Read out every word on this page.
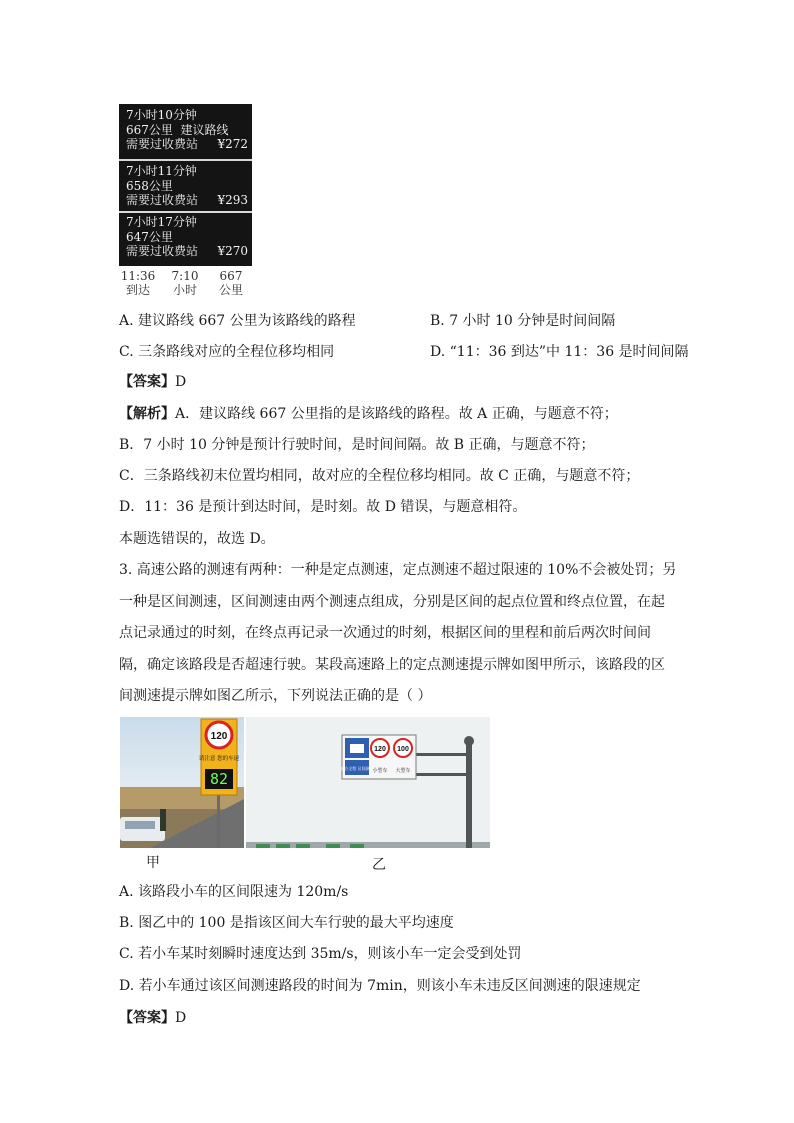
7小时10分钟
667公里 建议路线
需要过收费站 ¥272
7小时11分钟
658公里
需要过收费站 ¥293
7小时17分钟
647公里
需要过收费站 ¥270
11:36
到达
7:10
小时
667
公里
A. 建议路线 667 公里为该路线的路程	B. 7 小时 10 分钟是时间间隔
C. 三条路线对应的全程位移均相同	D. “11：36 到达”中 11：36 是时间间隔
【答案】D
【解析】A．建议路线 667 公里指的是该路线的路程。故 A 正确，与题意不符；
B．7 小时 10 分钟是预计行驶时间，是时间间隔。故 B 正确，与题意不符；
C．三条路线初末位置均相同，故对应的全程位移均相同。故 C 正确，与题意不符；
D．11：36 是预计到达时间，是时刻。故 D 错误，与题意相符。
本题选错误的，故选 D。
3. 高速公路的测速有两种：一种是定点测速，定点测速不超过限速的 10%不会被处罚；另
一种是区间测速，区间测速由两个测速点组成，分别是区间的起点位置和终点位置，在起
点记录通过的时刻，在终点再记录一次通过的时刻，根据区间的里程和前后两次时间间
隔，确定该路段是否超速行驶。某段高速路上的定点测速提示牌如图甲所示，该路段的区
间测速提示牌如图乙所示，下列说法正确的是（ ）
120
请注意 您的车速
82
甲
120 100
前方全程 区间测速
小型车 大型车
乙
A. 该路段小车的区间限速为 120m/s
B. 图乙中的 100 是指该区间大车行驶的最大平均速度
C. 若小车某时刻瞬时速度达到 35m/s，则该小车一定会受到处罚
D. 若小车通过该区间测速路段的时间为 7min，则该小车未违反区间测速的限速规定
【答案】D
